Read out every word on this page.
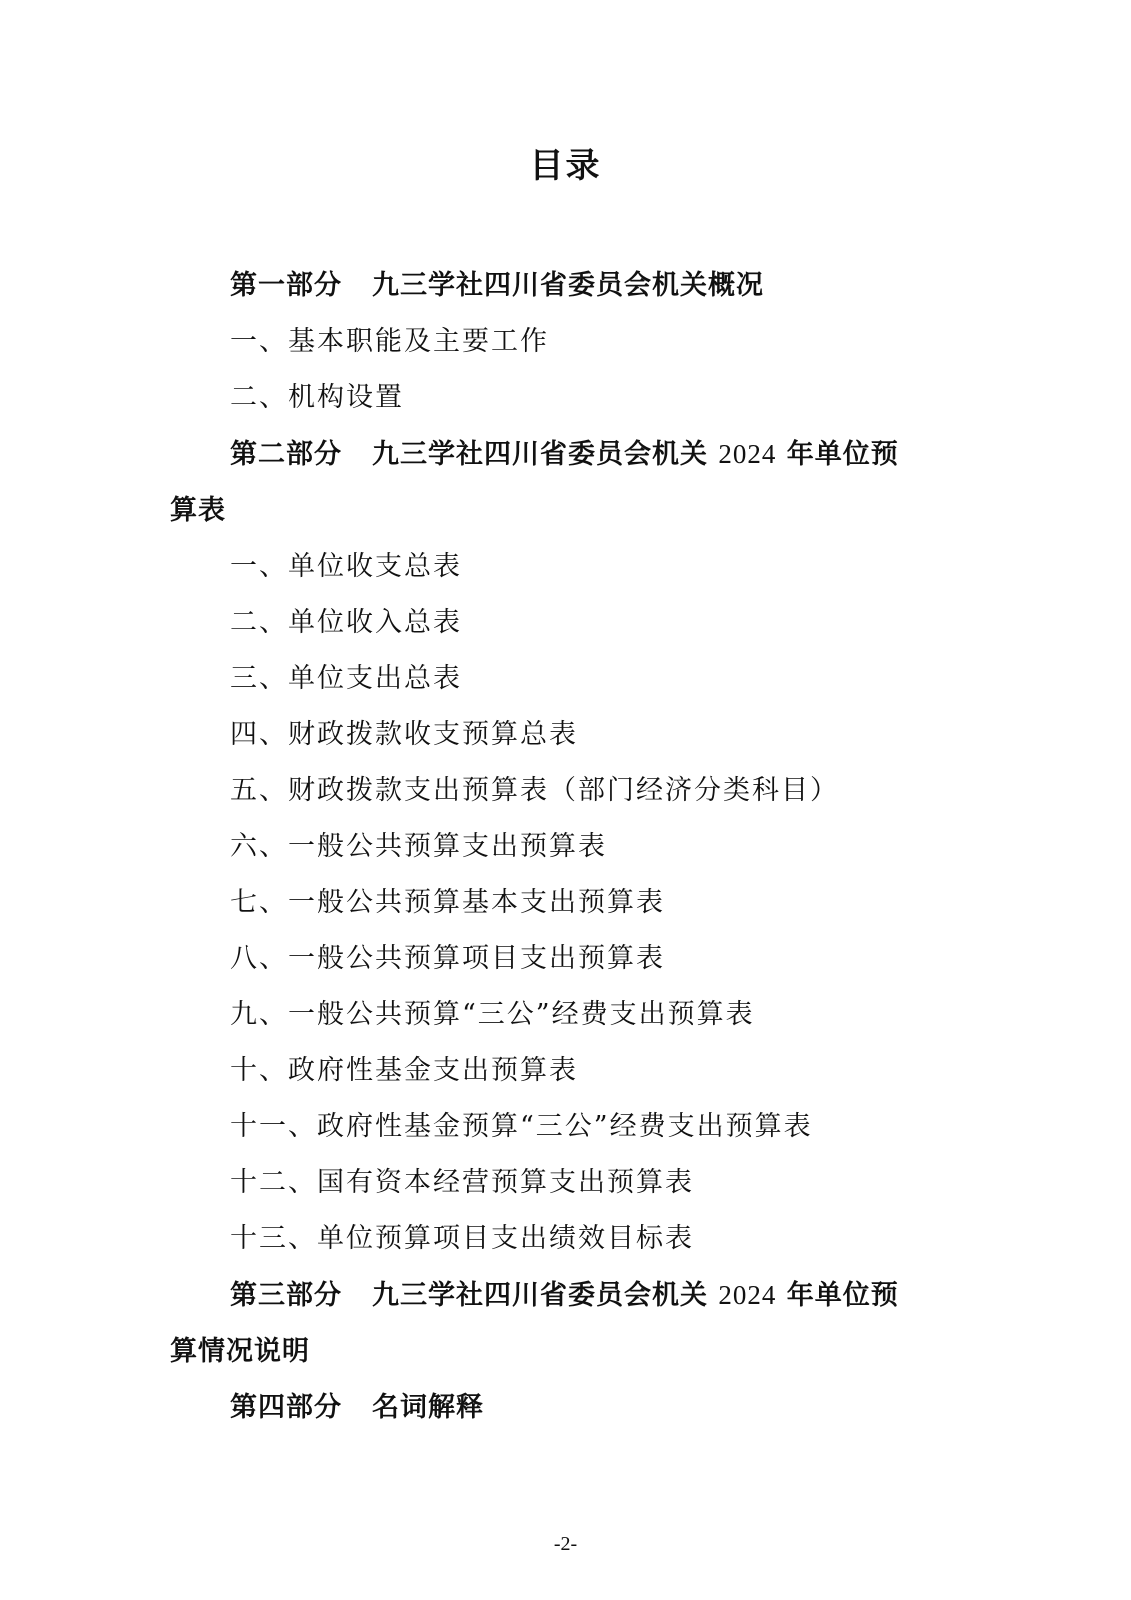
目录
第一部分 九三学社四川省委员会机关概况
一、基本职能及主要工作
二、机构设置
第二部分 九三学社四川省委员会机关 2024 年单位预
算表
一、单位收支总表
二、单位收入总表
三、单位支出总表
四、财政拨款收支预算总表
五、财政拨款支出预算表（部门经济分类科目）
六、一般公共预算支出预算表
七、一般公共预算基本支出预算表
八、一般公共预算项目支出预算表
九、一般公共预算“三公”经费支出预算表
十、政府性基金支出预算表
十一、政府性基金预算“三公”经费支出预算表
十二、国有资本经营预算支出预算表
十三、单位预算项目支出绩效目标表
第三部分 九三学社四川省委员会机关 2024 年单位预
算情况说明
第四部分 名词解释
-2-
